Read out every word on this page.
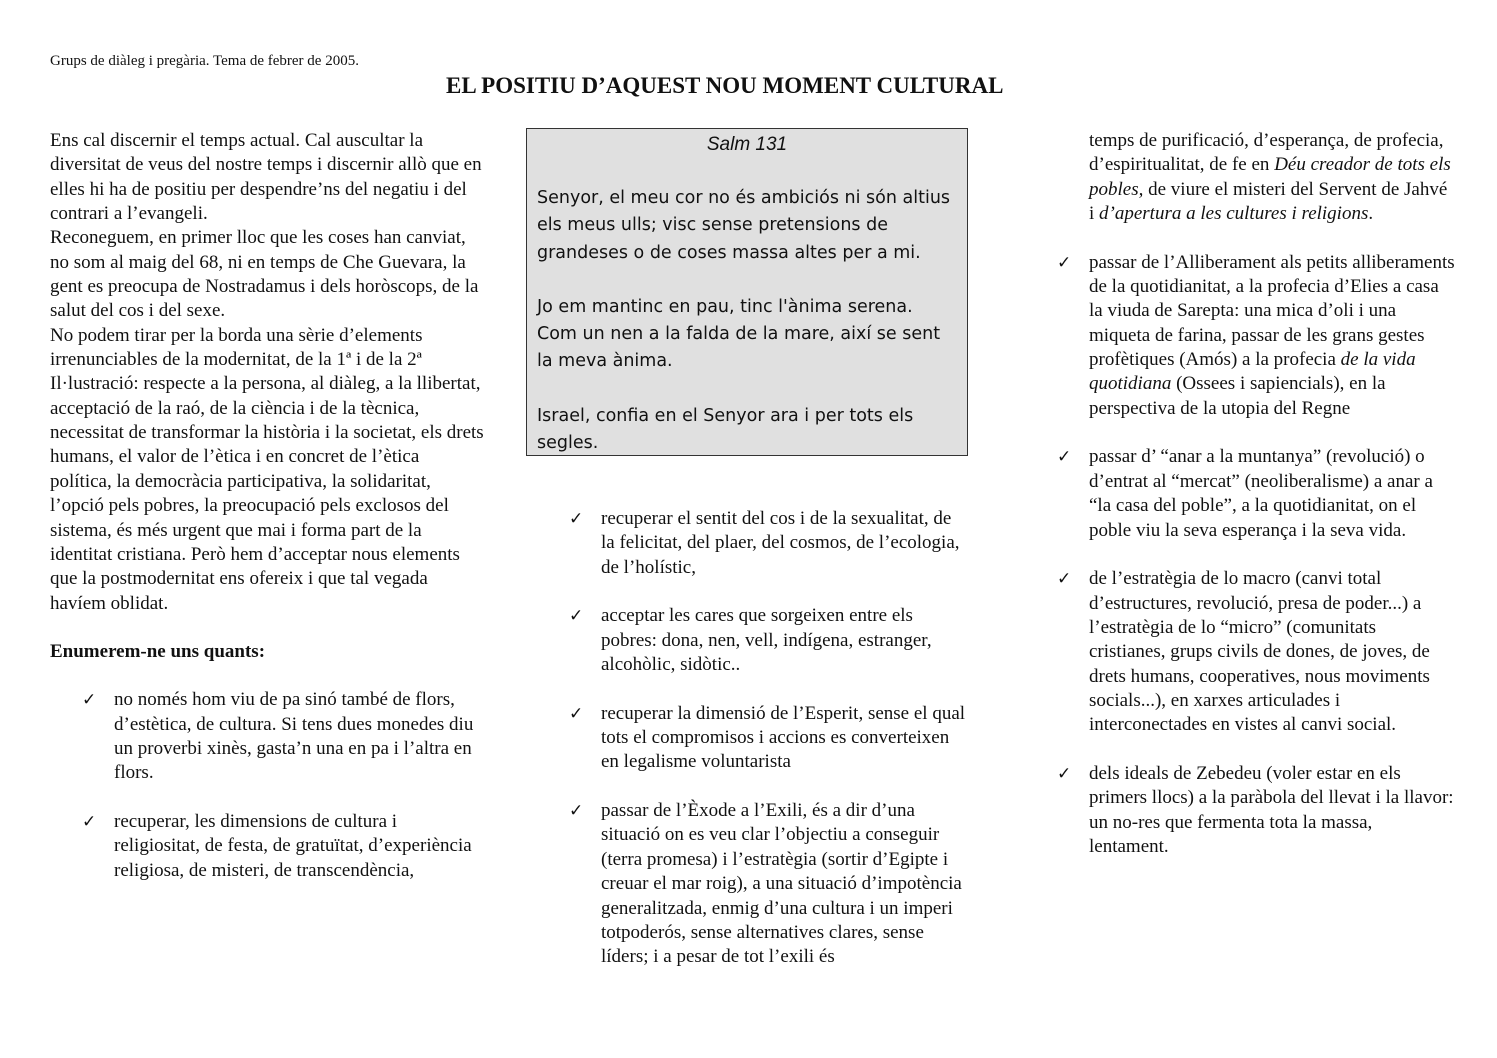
Grups de diàleg i pregària. Tema de febrer de 2005.
EL POSITIU D’AQUEST NOU MOMENT CULTURAL

Ens cal discernir el temps actual. Cal auscultar la diversitat de veus del nostre temps i discernir allò que en elles hi ha de positiu per despendre’ns del negatiu i del contrari a l’evangeli.

Reconeguem, en primer lloc que les coses han canviat, no som al maig del 68, ni en temps de Che Guevara, la gent es preocupa de Nostradamus i dels horòscops, de la salut del cos i del sexe.

No podem tirar per la borda una sèrie d’elements irrenunciables de la modernitat, de la 1ª i de la 2ª Il·lustració: respecte a la persona, al diàleg, a la llibertat, acceptació de la raó, de la ciència i de la tècnica, necessitat de transformar la història i la societat, els drets humans, el valor de l’ètica i en concret de l’ètica política, la democràcia participativa, la solidaritat, l’opció pels pobres, la preocupació pels exclosos del sistema, és més urgent que mai i forma part de la identitat cristiana. Però hem d’acceptar nous elements que la postmodernitat ens ofereix i que tal vegada havíem oblidat.

Enumerem-ne uns quants:

✓ no només hom viu de pa sinó també de flors, d’estètica, de cultura. Si tens dues monedes diu un proverbi xinès, gasta’n una en pa i l’altra en flors.
✓ recuperar, les dimensions de cultura i religiositat, de festa, de gratuïtat, d’experiència religiosa, de misteri, de transcendència,

Salm 131

Senyor, el meu cor no és ambiciós ni són altius els meus ulls; visc sense pretensions de grandeses o de coses massa altes per a mi.

Jo em mantinc en pau, tinc l'ànima serena. Com un nen a la falda de la mare, així se sent la meva ànima.

Israel, confia en el Senyor ara i per tots els segles.

✓ recuperar el sentit del cos i de la sexualitat, de la felicitat, del plaer, del cosmos, de l’ecologia, de l’holístic,
✓ acceptar les cares que sorgeixen entre els pobres: dona, nen, vell, indígena, estranger, alcohòlic, sidòtic..
✓ recuperar la dimensió de l’Esperit, sense el qual tots el compromisos i accions es converteixen en legalisme voluntarista
✓ passar de l’Èxode a l’Exili, és a dir d’una situació on es veu clar l’objectiu a conseguir (terra promesa) i l’estratègia (sortir d’Egipte i creuar el mar roig), a una situació d’impotència generalitzada, enmig d’una cultura i un imperi totpoderós, sense alternatives clares, sense líders; i a pesar de tot l’exili és

temps de purificació, d’esperança, de profecia, d’espiritualitat, de fe en Déu creador de tots els pobles, de viure el misteri del Servent de Jahvé i d’apertura a les cultures i religions.

✓ passar de l’Alliberament als petits alliberaments de la quotidianitat, a la profecia d’Elies a casa la viuda de Sarepta: una mica d’oli i una miqueta de farina, passar de les grans gestes profètiques (Amós) a la profecia de la vida quotidiana (Ossees i sapiencials), en la perspectiva de la utopia del Regne
✓ passar d’ “anar a la muntanya” (revolució) o d’entrat al “mercat” (neoliberalisme) a anar a “la casa del poble”, a la quotidianitat, on el poble viu la seva esperança i la seva vida.
✓ de l’estratègia de lo macro (canvi total d’estructures, revolució, presa de poder...) a l’estratègia de lo “micro” (comunitats cristianes, grups civils de dones, de joves, de drets humans, cooperatives, nous moviments socials...), en xarxes articulades i interconectades en vistes al canvi social.
✓ dels ideals de Zebedeu (voler estar en els primers llocs) a la paràbola del llevat i la llavor: un no-res que fermenta tota la massa, lentament.
